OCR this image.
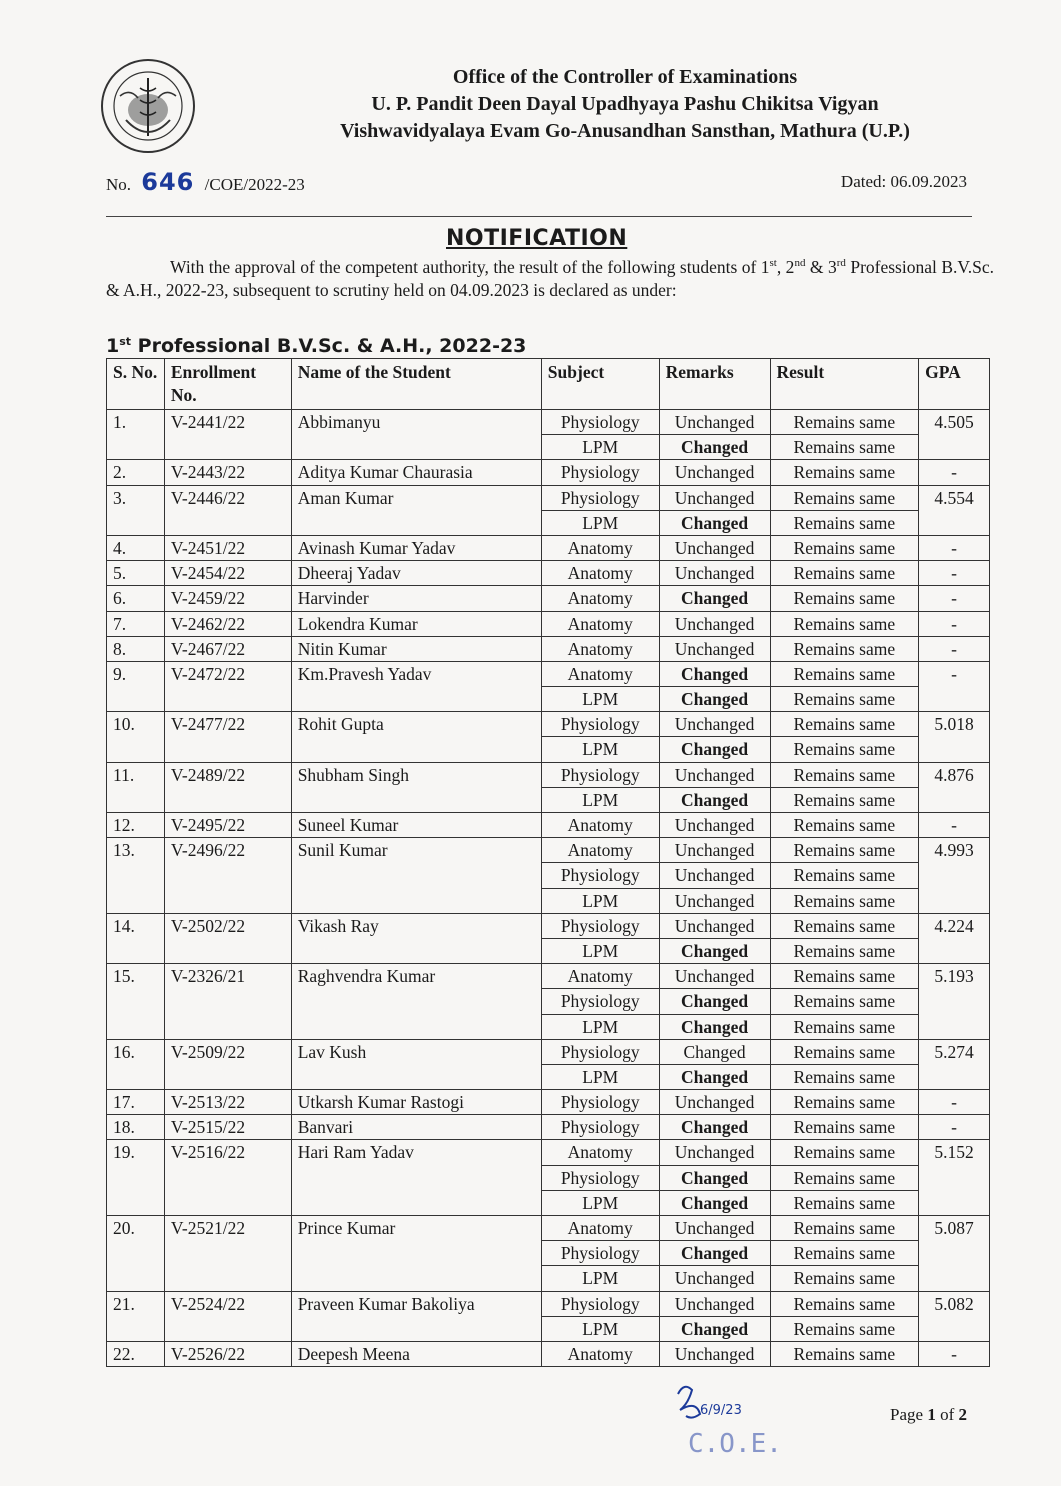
Office of the Controller of Examinations
U. P. Pandit Deen Dayal Upadhyaya Pashu Chikitsa Vigyan
Vishwavidyalaya Evam Go-Anusandhan Sansthan, Mathura (U.P.)
No. 646 /COE/2022-23	Dated: 06.09.2023
NOTIFICATION
With the approval of the competent authority, the result of the following students of 1st, 2nd & 3rd Professional B.V.Sc. & A.H., 2022-23, subsequent to scrutiny held on 04.09.2023 is declared as under:
1st Professional B.V.Sc. & A.H., 2022-23
S. No.	Enrollment No.	Name of the Student	Subject	Remarks	Result	GPA
1.	V-2441/22	Abbimanyu	Physiology	Unchanged	Remains same	4.505
			LPM	Changed	Remains same	
2.	V-2443/22	Aditya Kumar Chaurasia	Physiology	Unchanged	Remains same	-
3.	V-2446/22	Aman Kumar	Physiology	Unchanged	Remains same	4.554
			LPM	Changed	Remains same	
4.	V-2451/22	Avinash Kumar Yadav	Anatomy	Unchanged	Remains same	-
5.	V-2454/22	Dheeraj Yadav	Anatomy	Unchanged	Remains same	-
6.	V-2459/22	Harvinder	Anatomy	Changed	Remains same	-
7.	V-2462/22	Lokendra Kumar	Anatomy	Unchanged	Remains same	-
8.	V-2467/22	Nitin Kumar	Anatomy	Unchanged	Remains same	-
9.	V-2472/22	Km.Pravesh Yadav	Anatomy	Changed	Remains same	-
			LPM	Changed	Remains same	
10.	V-2477/22	Rohit Gupta	Physiology	Unchanged	Remains same	5.018
			LPM	Changed	Remains same	
11.	V-2489/22	Shubham Singh	Physiology	Unchanged	Remains same	4.876
			LPM	Changed	Remains same	
12.	V-2495/22	Suneel Kumar	Anatomy	Unchanged	Remains same	-
13.	V-2496/22	Sunil Kumar	Anatomy	Unchanged	Remains same	4.993
			Physiology	Unchanged	Remains same	
			LPM	Unchanged	Remains same	
14.	V-2502/22	Vikash Ray	Physiology	Unchanged	Remains same	4.224
			LPM	Changed	Remains same	
15.	V-2326/21	Raghvendra Kumar	Anatomy	Unchanged	Remains same	5.193
			Physiology	Changed	Remains same	
			LPM	Changed	Remains same	
16.	V-2509/22	Lav Kush	Physiology	Changed	Remains same	5.274
			LPM	Changed	Remains same	
17.	V-2513/22	Utkarsh Kumar Rastogi	Physiology	Unchanged	Remains same	-
18.	V-2515/22	Banvari	Physiology	Changed	Remains same	-
19.	V-2516/22	Hari Ram Yadav	Anatomy	Unchanged	Remains same	5.152
			Physiology	Changed	Remains same	
			LPM	Changed	Remains same	
20.	V-2521/22	Prince Kumar	Anatomy	Unchanged	Remains same	5.087
			Physiology	Changed	Remains same	
			LPM	Unchanged	Remains same	
21.	V-2524/22	Praveen Kumar Bakoliya	Physiology	Unchanged	Remains same	5.082
			LPM	Changed	Remains same	
22.	V-2526/22	Deepesh Meena	Anatomy	Unchanged	Remains same	-
6/9/23
C.O.E.
Page 1 of 2
